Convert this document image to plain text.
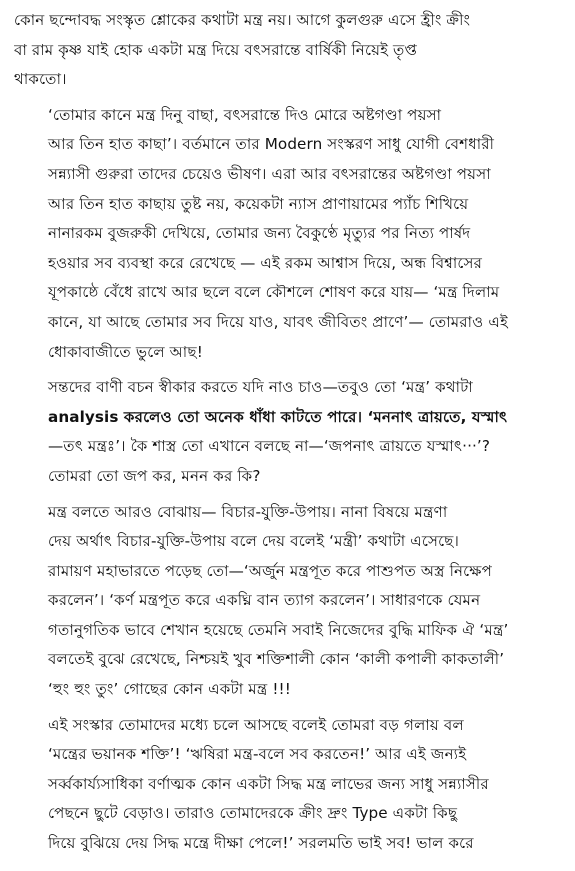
কোন ছন্দোবদ্ধ সংস্কৃত শ্লোকের কথাটা মন্ত্র নয়। আগে কুলগুরু এসে হ্রীং ক্রীং
বা রাম কৃষ্ণ যাই হোক একটা মন্ত্র দিয়ে বৎসরান্তে বার্ষিকী নিয়েই তৃপ্ত
থাকতো।

‘তোমার কানে মন্ত্র দিনু বাছা, বৎসরান্তে দিও মোরে অষ্টগণ্ডা পয়সা
আর তিন হাত কাছা’। বর্তমানে তার Modern সংস্করণ সাধু যোগী বেশধারী
সন্ন্যাসী গুরুরা তাদের চেয়েও ভীষণ। এরা আর বৎসরান্তের অষ্টগণ্ডা পয়সা
আর তিন হাত কাছায় তুষ্ট নয়, কয়েকটা ন্যাস প্রাণায়ামের প্যাঁচ শিখিয়ে
নানারকম বুজরুকী দেখিয়ে, তোমার জন্য বৈকুণ্ঠে মৃত্যুর পর নিত্য পার্ষদ
হওয়ার সব ব্যবস্থা করে রেখেছে — এই রকম আশ্বাস দিয়ে, অন্ধ বিশ্বাসের
যূপকাষ্ঠে বেঁধে রাখে আর ছলে বলে কৌশলে শোষণ করে যায়— ‘মন্ত্র দিলাম
কানে, যা আছে তোমার সব দিয়ে যাও, যাবৎ জীবিতং প্রাণে’— তোমরাও এই
ধোকাবাজীতে ভুলে আছ!

সন্তদের বাণী বচন স্বীকার করতে যদি নাও চাও—তবুও তো ‘মন্ত্র’ কথাটা
analysis করলেও তো অনেক ধাঁধা কাটতে পারে। ‘মননাৎ ত্রায়তে, যস্মাৎ
—তৎ মন্ত্রঃ’। কৈ শাস্ত্র তো এখানে বলছে না—‘জপনাৎ ত্রায়তে যস্মাৎ···’?
তোমরা তো জপ কর, মনন কর কি?

মন্ত্র বলতে আরও বোঝায়— বিচার-যুক্তি-উপায়। নানা বিষয়ে মন্ত্রণা
দেয় অর্থাৎ বিচার-যুক্তি-উপায় বলে দেয় বলেই ‘মন্ত্রী’ কথাটা এসেছে।
রামায়ণ মহাভারতে পড়েছ তো—‘অর্জুন মন্ত্রপূত করে পাশুপত অস্ত্র নিক্ষেপ
করলেন’। ‘কর্ণ মন্ত্রপূত করে একঘ্নি বান ত্যাগ করলেন’। সাধারণকে যেমন
গতানুগতিক ভাবে শেখান হয়েছে তেমনি সবাই নিজেদের বুদ্ধি মাফিক ঐ ‘মন্ত্র’
বলতেই বুঝে রেখেছে, নিশ্চয়ই খুব শক্তিশালী কোন ‘কালী কপালী কাকতালী’
‘হুং হুং তুং’ গোছের কোন একটা মন্ত্র !!!

এই সংস্কার তোমাদের মধ্যে চলে আসছে বলেই তোমরা বড় গলায় বল
‘মন্ত্রের ভয়ানক শক্তি’! ‘ঋষিরা মন্ত্র-বলে সব করতেন!’ আর এই জন্যই
সর্ব্বকার্য্যসাধিকা বর্ণাত্মক কোন একটা সিদ্ধ মন্ত্র লাভের জন্য সাধু সন্ন্যাসীর
পেছনে ছুটে বেড়াও। তারাও তোমাদেরকে ক্রীং দ্রুং Type একটা কিছু
দিয়ে বুঝিয়ে দেয় সিদ্ধ মন্ত্রে দীক্ষা পেলে!’ সরলমতি ভাই সব! ভাল করে
